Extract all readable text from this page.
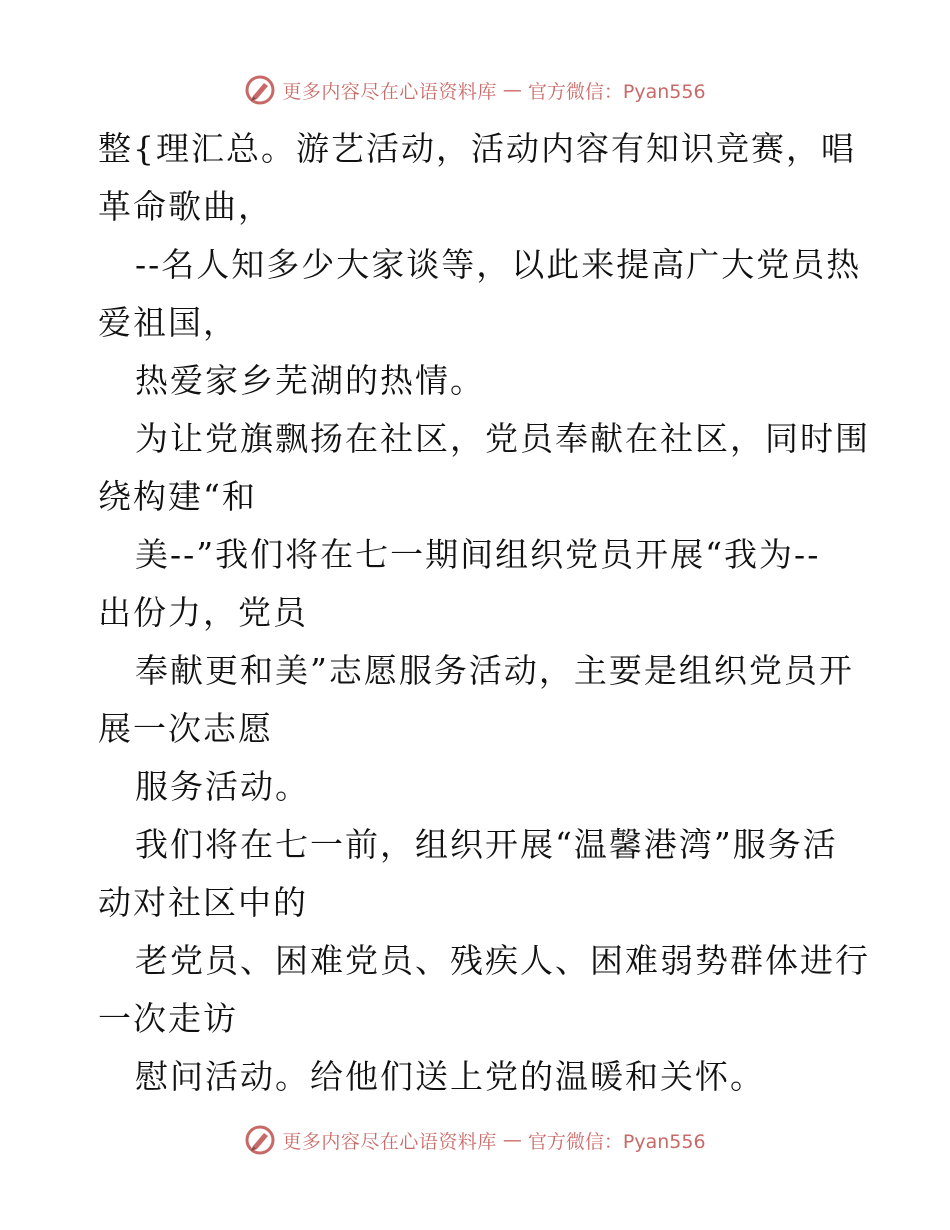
更多内容尽在心语资料库 — 官方微信：Pyan556
整{理汇总。游艺活动，活动内容有知识竞赛，唱
革命歌曲，
--名人知多少大家谈等，以此来提高广大党员热
爱祖国，
热爱家乡芜湖的热情。
为让党旗飘扬在社区，党员奉献在社区，同时围
绕构建“和
美--”我们将在七一期间组织党员开展“我为--
出份力，党员
奉献更和美”志愿服务活动，主要是组织党员开
展一次志愿
服务活动。
我们将在七一前，组织开展“温馨港湾”服务活
动对社区中的
老党员、困难党员、残疾人、困难弱势群体进行
一次走访
慰问活动。给他们送上党的温暖和关怀。
更多内容尽在心语资料库 — 官方微信：Pyan556
